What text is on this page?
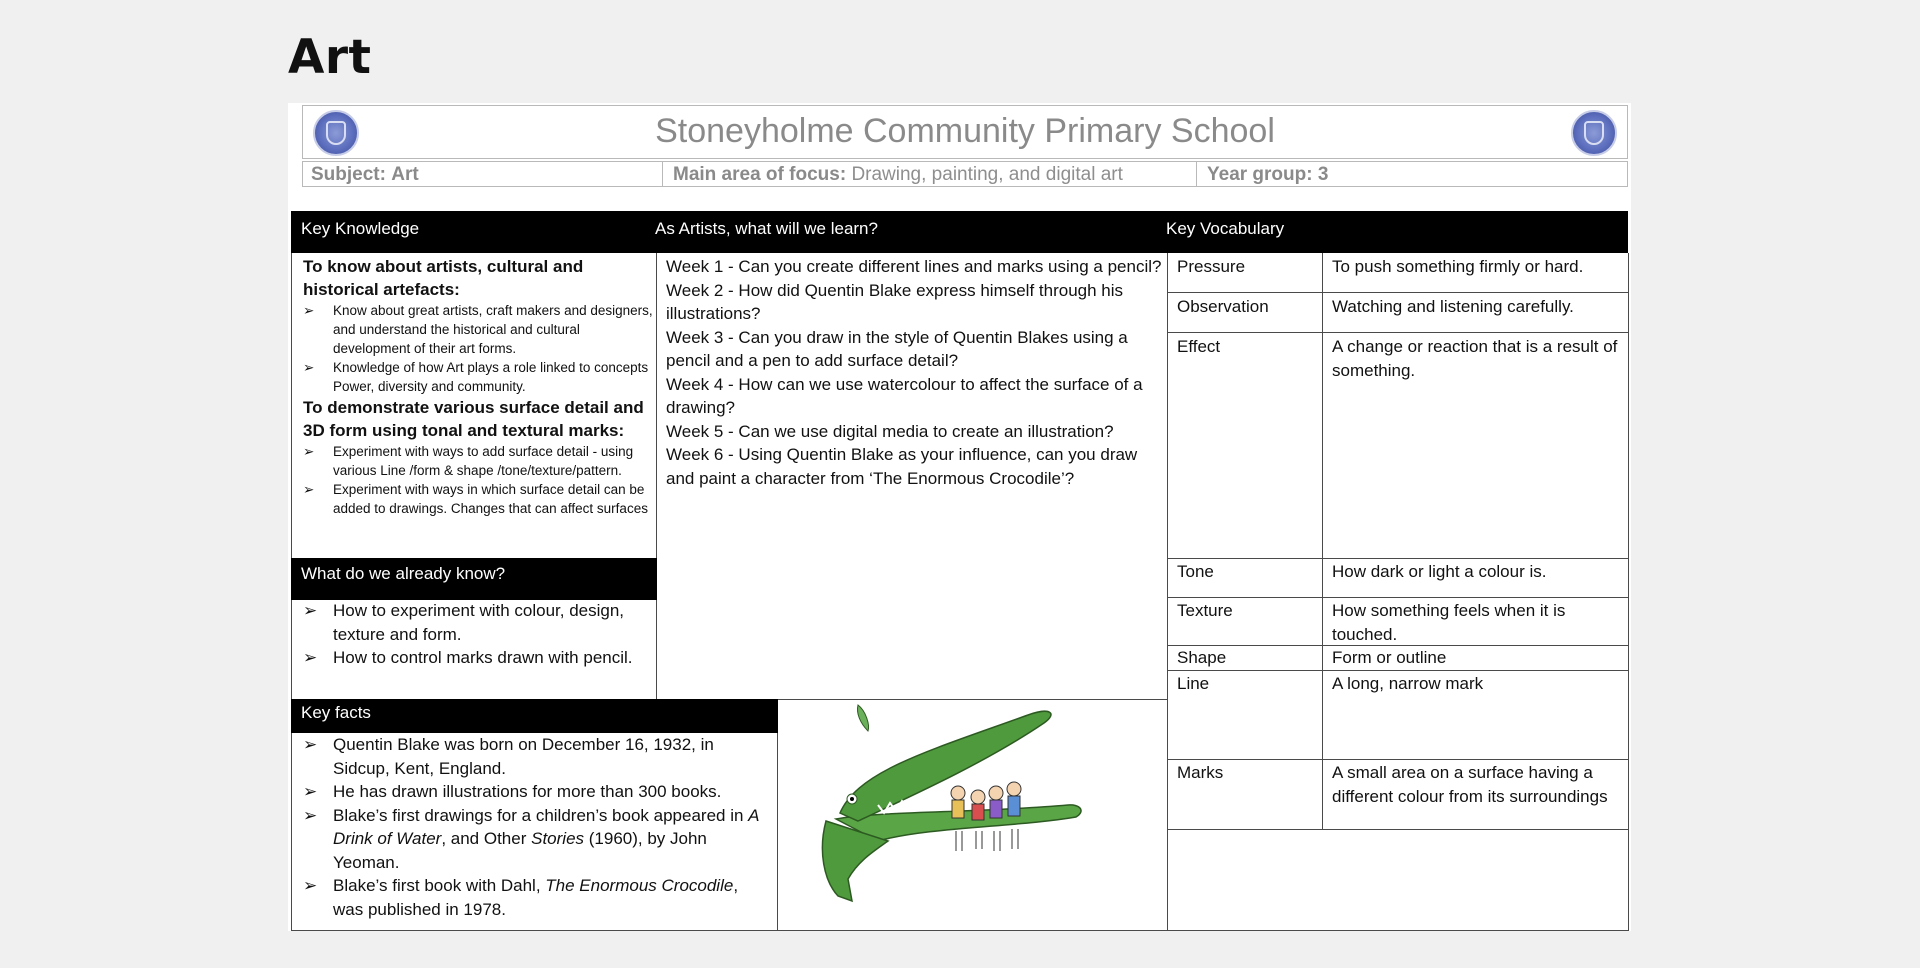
Art
Stoneyholme Community Primary School
Subject: Art	Main area of focus: Drawing, painting, and digital art	Year group: 3
Key Knowledge	As Artists, what will we learn?	Key Vocabulary
To know about artists, cultural and historical artefacts:
➢ Know about great artists, craft makers and designers, and understand the historical and cultural development of their art forms.
➢ Knowledge of how Art plays a role linked to concepts Power, diversity and community.
To demonstrate various surface detail and 3D form using tonal and textural marks:
➢ Experiment with ways to add surface detail - using various Line /form & shape /tone/texture/pattern.
➢ Experiment with ways in which surface detail can be added to drawings. Changes that can affect surfaces
What do we already know?
➢ How to experiment with colour, design, texture and form.
➢ How to control marks drawn with pencil.
Week 1 - Can you create different lines and marks using a pencil?
Week 2 - How did Quentin Blake express himself through his illustrations?
Week 3 - Can you draw in the style of Quentin Blakes using a pencil and a pen to add surface detail?
Week 4 - How can we use watercolour to affect the surface of a drawing?
Week 5 - Can we use digital media to create an illustration?
Week 6 - Using Quentin Blake as your influence, can you draw and paint a character from ‘The Enormous Crocodile’?
Pressure	To push something firmly or hard.
Observation	Watching and listening carefully.
Effect	A change or reaction that is a result of something.
Tone	How dark or light a colour is.
Texture	How something feels when it is touched.
Shape	Form or outline
Line	A long, narrow mark
Marks	A small area on a surface having a different colour from its surroundings
Key facts
➢ Quentin Blake was born on December 16, 1932, in Sidcup, Kent, England.
➢ He has drawn illustrations for more than 300 books.
➢ Blake’s first drawings for a children’s book appeared in A Drink of Water, and Other Stories (1960), by John Yeoman.
➢ Blake’s first book with Dahl, The Enormous Crocodile, was published in 1978.
